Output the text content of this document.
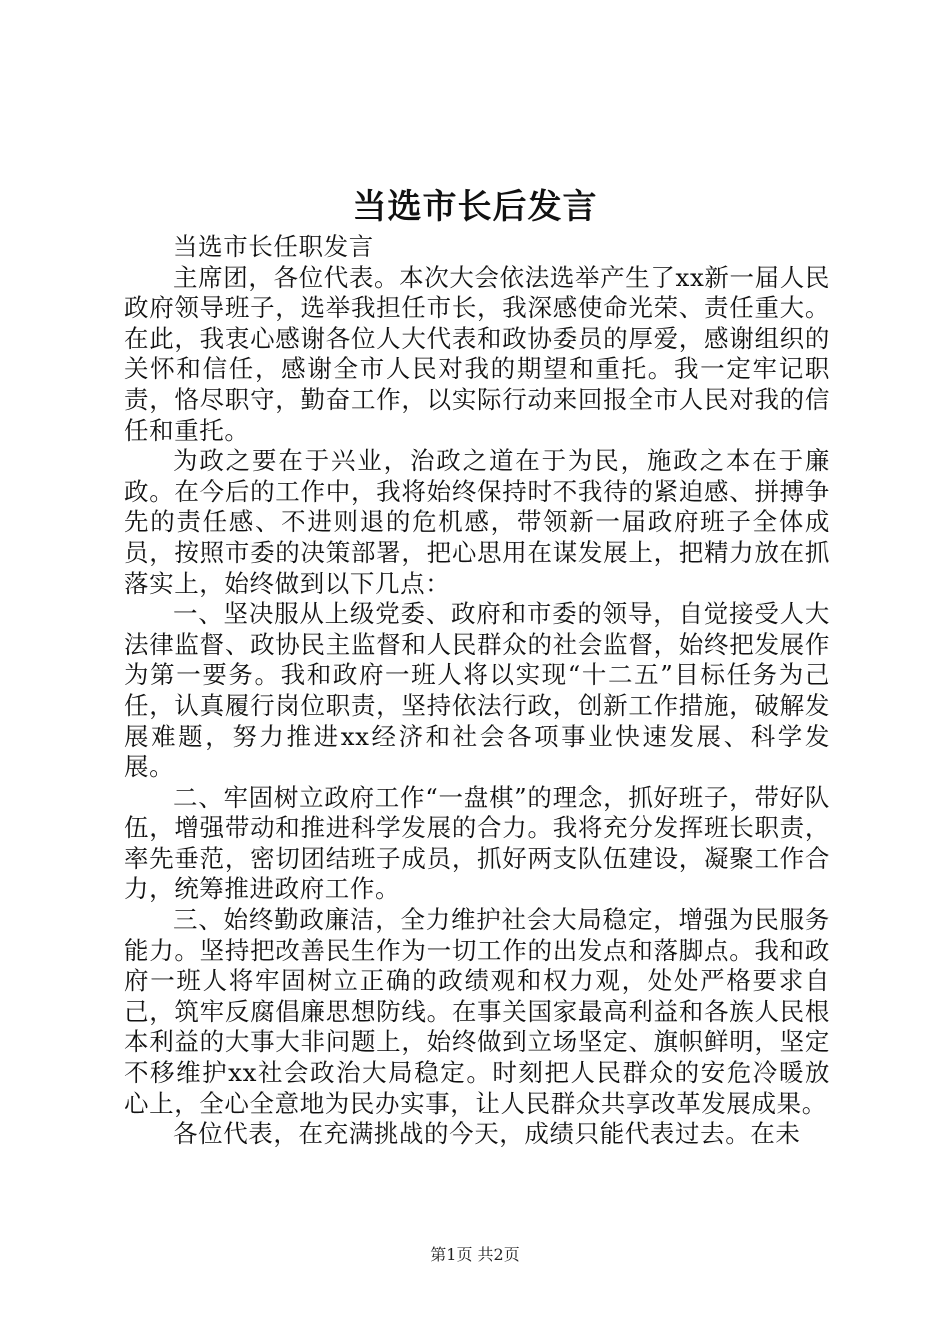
当选市长后发言

当选市长任职发言

主席团，各位代表。本次大会依法选举产生了xx新一届人民政府领导班子，选举我担任市长，我深感使命光荣、责任重大。在此，我衷心感谢各位人大代表和政协委员的厚爱，感谢组织的关怀和信任，感谢全市人民对我的期望和重托。我一定牢记职责，恪尽职守，勤奋工作，以实际行动来回报全市人民对我的信任和重托。

为政之要在于兴业，治政之道在于为民，施政之本在于廉政。在今后的工作中，我将始终保持时不我待的紧迫感、拼搏争先的责任感、不进则退的危机感，带领新一届政府班子全体成员，按照市委的决策部署，把心思用在谋发展上，把精力放在抓落实上，始终做到以下几点：

一、坚决服从上级党委、政府和市委的领导，自觉接受人大法律监督、政协民主监督和人民群众的社会监督，始终把发展作为第一要务。我和政府一班人将以实现“十二五”目标任务为己任，认真履行岗位职责，坚持依法行政，创新工作措施，破解发展难题，努力推进xx经济和社会各项事业快速发展、科学发展。

二、牢固树立政府工作“一盘棋”的理念，抓好班子，带好队伍，增强带动和推进科学发展的合力。我将充分发挥班长职责，率先垂范，密切团结班子成员，抓好两支队伍建设，凝聚工作合力，统筹推进政府工作。

三、始终勤政廉洁，全力维护社会大局稳定，增强为民服务能力。坚持把改善民生作为一切工作的出发点和落脚点。我和政府一班人将牢固树立正确的政绩观和权力观，处处严格要求自己，筑牢反腐倡廉思想防线。在事关国家最高利益和各族人民根本利益的大事大非问题上，始终做到立场坚定、旗帜鲜明，坚定不移维护xx社会政治大局稳定。时刻把人民群众的安危冷暖放心上，全心全意地为民办实事，让人民群众共享改革发展成果。

各位代表，在充满挑战的今天，成绩只能代表过去。在未

第1页 共2页
